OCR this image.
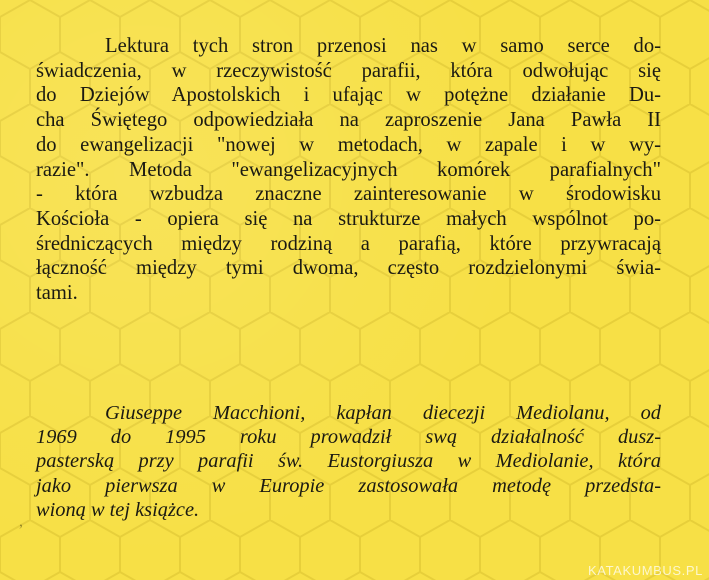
Lektura tych stron przenosi nas w samo serce do-
świadczenia, w rzeczywistość parafii, która odwołując się
do Dziejów Apostolskich i ufając w potężne działanie Du-
cha Świętego odpowiedziała na zaproszenie Jana Pawła II
do ewangelizacji "nowej w metodach, w zapale i w wy-
razie". Metoda "ewangelizacyjnych komórek parafialnych"
- która wzbudza znaczne zainteresowanie w środowisku
Kościoła - opiera się na strukturze małych wspólnot po-
średniczących między rodziną a parafią, które przywracają
łączność między tymi dwoma, często rozdzielonymi świa-
tami.

Giuseppe Macchioni, kapłan diecezji Mediolanu, od
1969 do 1995 roku prowadził swą działalność dusz-
pasterską przy parafii św. Eustorgiusza w Mediolanie, która
jako pierwsza w Europie zastosowała metodę przedsta-
wioną w tej książce.

,
KATAKUMBUS.PL
